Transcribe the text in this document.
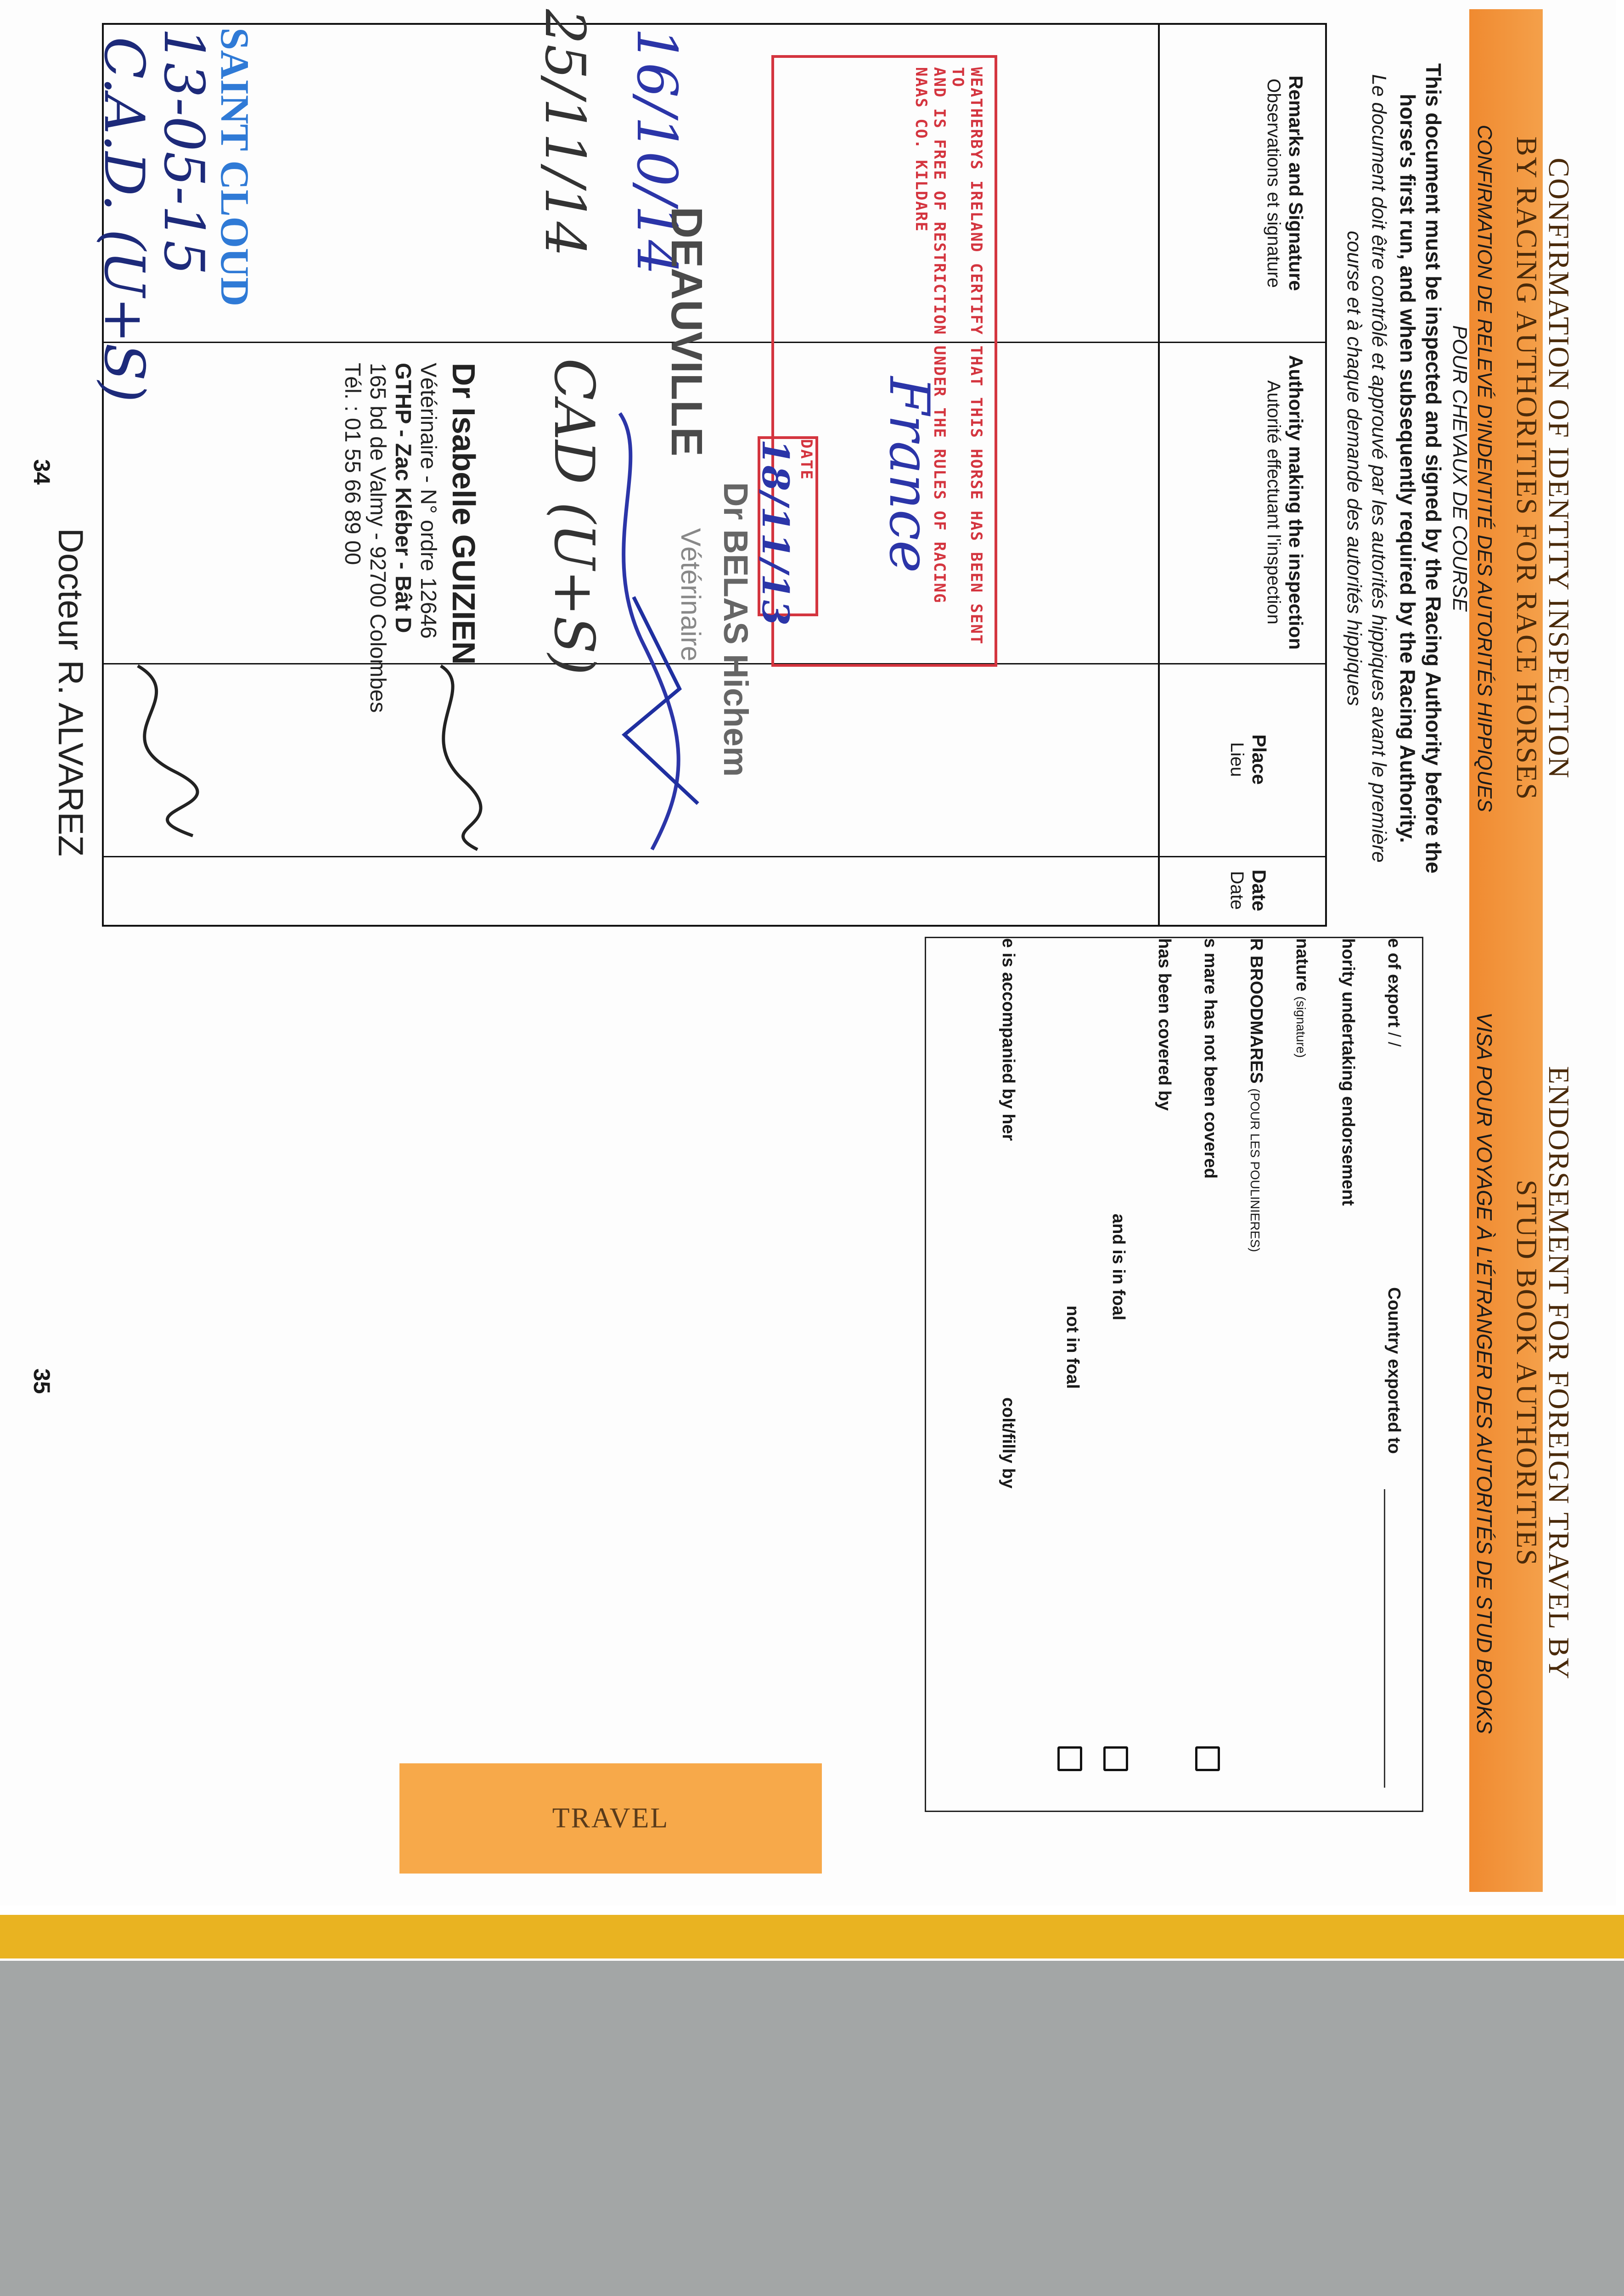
TRAVEL
CONFIRMATION OF IDENTITY INSPECTION
BY RACING AUTHORITIES FOR RACE HORSES
CONFIRMATION DE RELEVÉ D'INDENTITÉ DES AUTORITÉS HIPPIQUES
POUR CHEVAUX DE COURSE
This document must be inspected and signed by the Racing Authority before the
horse's first run, and when subsequently required by the Racing Authority.
Le document doit être contrôlé et approuvé par les autorités hippiques avant le première
course et à chaque demande des autorités hippiques
Remarks and Signature
Observations et signature
Authority making the inspection
Autorité effectuant l'inspection
Place
Lieu
Date
Date
34
ENDORSEMENT FOR FOREIGN TRAVEL BY
STUD BOOK AUTHORITIES
VISA POUR VOYAGE À L'ÉTRANGER DES AUTORITÉS DE STUD BOOKS
e of export / /
Country exported to
hority undertaking endorsement
nature (signature)
R BROODMARES (POUR LES POULINIERES)
s mare has not been covered
has been covered by
and is in foal
not in foal
e is accompanied by her
colt/filly by
35
WEATHERBYS IRELAND CERTIFY THAT THIS HORSE HAS BEEN SENT TO
AND IS FREE OF RESTRICTION UNDER THE RULES OF RACING
NAAS CO. KILDARE
France
DATE 18/11/13
16/10/14
DEAUVILLE
Dr BELAS Hichem
Vétérinaire
25/11/14
CAD (U+S)
Dr Isabelle GUIZIEN
Vétérinaire - N° ordre 12646
GTHP - Zac Kléber - Bât D
165 bd de Valmy - 92700 Colombes
Tél. : 01 55 66 89 00
SAINT CLOUD
13-05-15
C.A.D. (U+S)
Docteur R. ALVAREZ
